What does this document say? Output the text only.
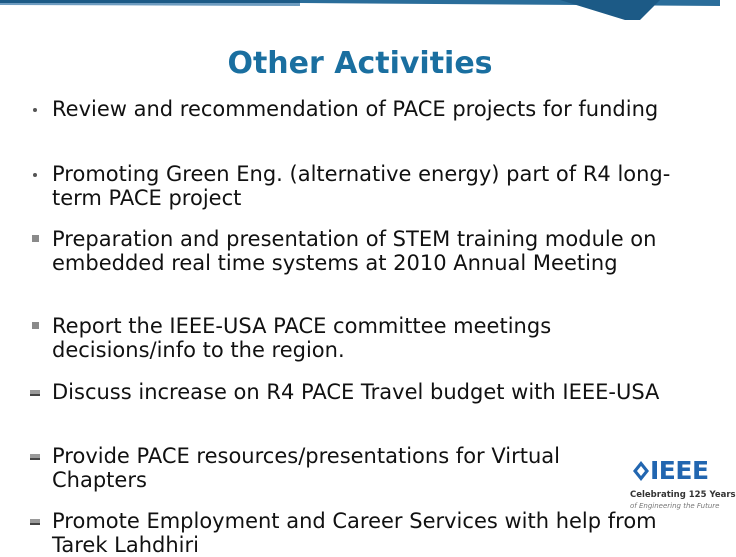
Other Activities
Review and recommendation of PACE projects for funding
Promoting Green Eng. (alternative energy) part of R4 long-term PACE project
Preparation and presentation of STEM training module on embedded real time systems at 2010 Annual Meeting
Report the IEEE-USA PACE committee meetings decisions/info to the region.
Discuss increase on R4 PACE Travel budget with IEEE-USA
Provide PACE resources/presentations for Virtual Chapters
Promote Employment and Career Services with help from Tarek Lahdhiri
IEEE
Celebrating 125 Years
of Engineering the Future
